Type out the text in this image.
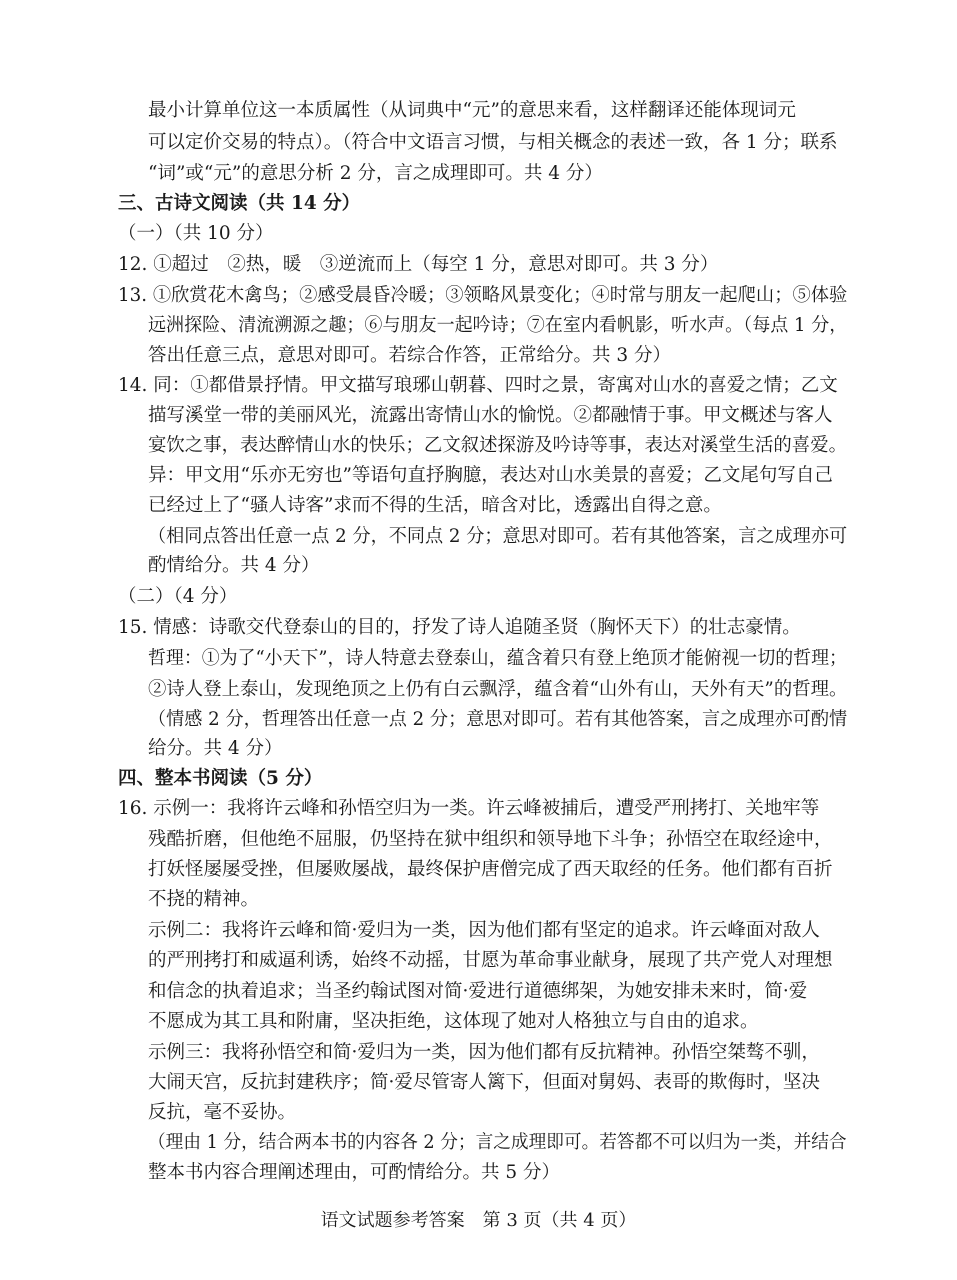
最小计算单位这一本质属性（从词典中“元”的意思来看，这样翻译还能体现词元
可以定价交易的特点）。（符合中文语言习惯，与相关概念的表述一致，各 1 分；联系
“词”或“元”的意思分析 2 分，言之成理即可。共 4 分）
三、古诗文阅读（共 14 分）
（一）（共 10 分）
12. ①超过　②热，暖　③逆流而上（每空 1 分，意思对即可。共 3 分）
13. ①欣赏花木禽鸟；②感受晨昏冷暖；③领略风景变化；④时常与朋友一起爬山；⑤体验
远洲探险、清流溯源之趣；⑥与朋友一起吟诗；⑦在室内看帆影，听水声。（每点 1 分，
答出任意三点，意思对即可。若综合作答，正常给分。共 3 分）
14. 同：①都借景抒情。甲文描写琅琊山朝暮、四时之景，寄寓对山水的喜爱之情；乙文
描写溪堂一带的美丽风光，流露出寄情山水的愉悦。②都融情于事。甲文概述与客人
宴饮之事，表达醉情山水的快乐；乙文叙述探游及吟诗等事，表达对溪堂生活的喜爱。
异：甲文用“乐亦无穷也”等语句直抒胸臆，表达对山水美景的喜爱；乙文尾句写自己
已经过上了“骚人诗客”求而不得的生活，暗含对比，透露出自得之意。
（相同点答出任意一点 2 分，不同点 2 分；意思对即可。若有其他答案，言之成理亦可
酌情给分。共 4 分）
（二）（4 分）
15. 情感：诗歌交代登泰山的目的，抒发了诗人追随圣贤（胸怀天下）的壮志豪情。
哲理：①为了“小天下”，诗人特意去登泰山，蕴含着只有登上绝顶才能俯视一切的哲理；
②诗人登上泰山，发现绝顶之上仍有白云飘浮，蕴含着“山外有山，天外有天”的哲理。
（情感 2 分，哲理答出任意一点 2 分；意思对即可。若有其他答案，言之成理亦可酌情
给分。共 4 分）
四、整本书阅读（5 分）
16. 示例一：我将许云峰和孙悟空归为一类。许云峰被捕后，遭受严刑拷打、关地牢等
残酷折磨，但他绝不屈服，仍坚持在狱中组织和领导地下斗争；孙悟空在取经途中，
打妖怪屡屡受挫，但屡败屡战，最终保护唐僧完成了西天取经的任务。他们都有百折
不挠的精神。
示例二：我将许云峰和简·爱归为一类，因为他们都有坚定的追求。许云峰面对敌人
的严刑拷打和威逼利诱，始终不动摇，甘愿为革命事业献身，展现了共产党人对理想
和信念的执着追求；当圣约翰试图对简·爱进行道德绑架，为她安排未来时，简·爱
不愿成为其工具和附庸，坚决拒绝，这体现了她对人格独立与自由的追求。
示例三：我将孙悟空和简·爱归为一类，因为他们都有反抗精神。孙悟空桀骜不驯，
大闹天宫，反抗封建秩序；简·爱尽管寄人篱下，但面对舅妈、表哥的欺侮时，坚决
反抗，毫不妥协。
（理由 1 分，结合两本书的内容各 2 分；言之成理即可。若答都不可以归为一类，并结合
整本书内容合理阐述理由，可酌情给分。共 5 分）
语文试题参考答案　第 3 页（共 4 页）
